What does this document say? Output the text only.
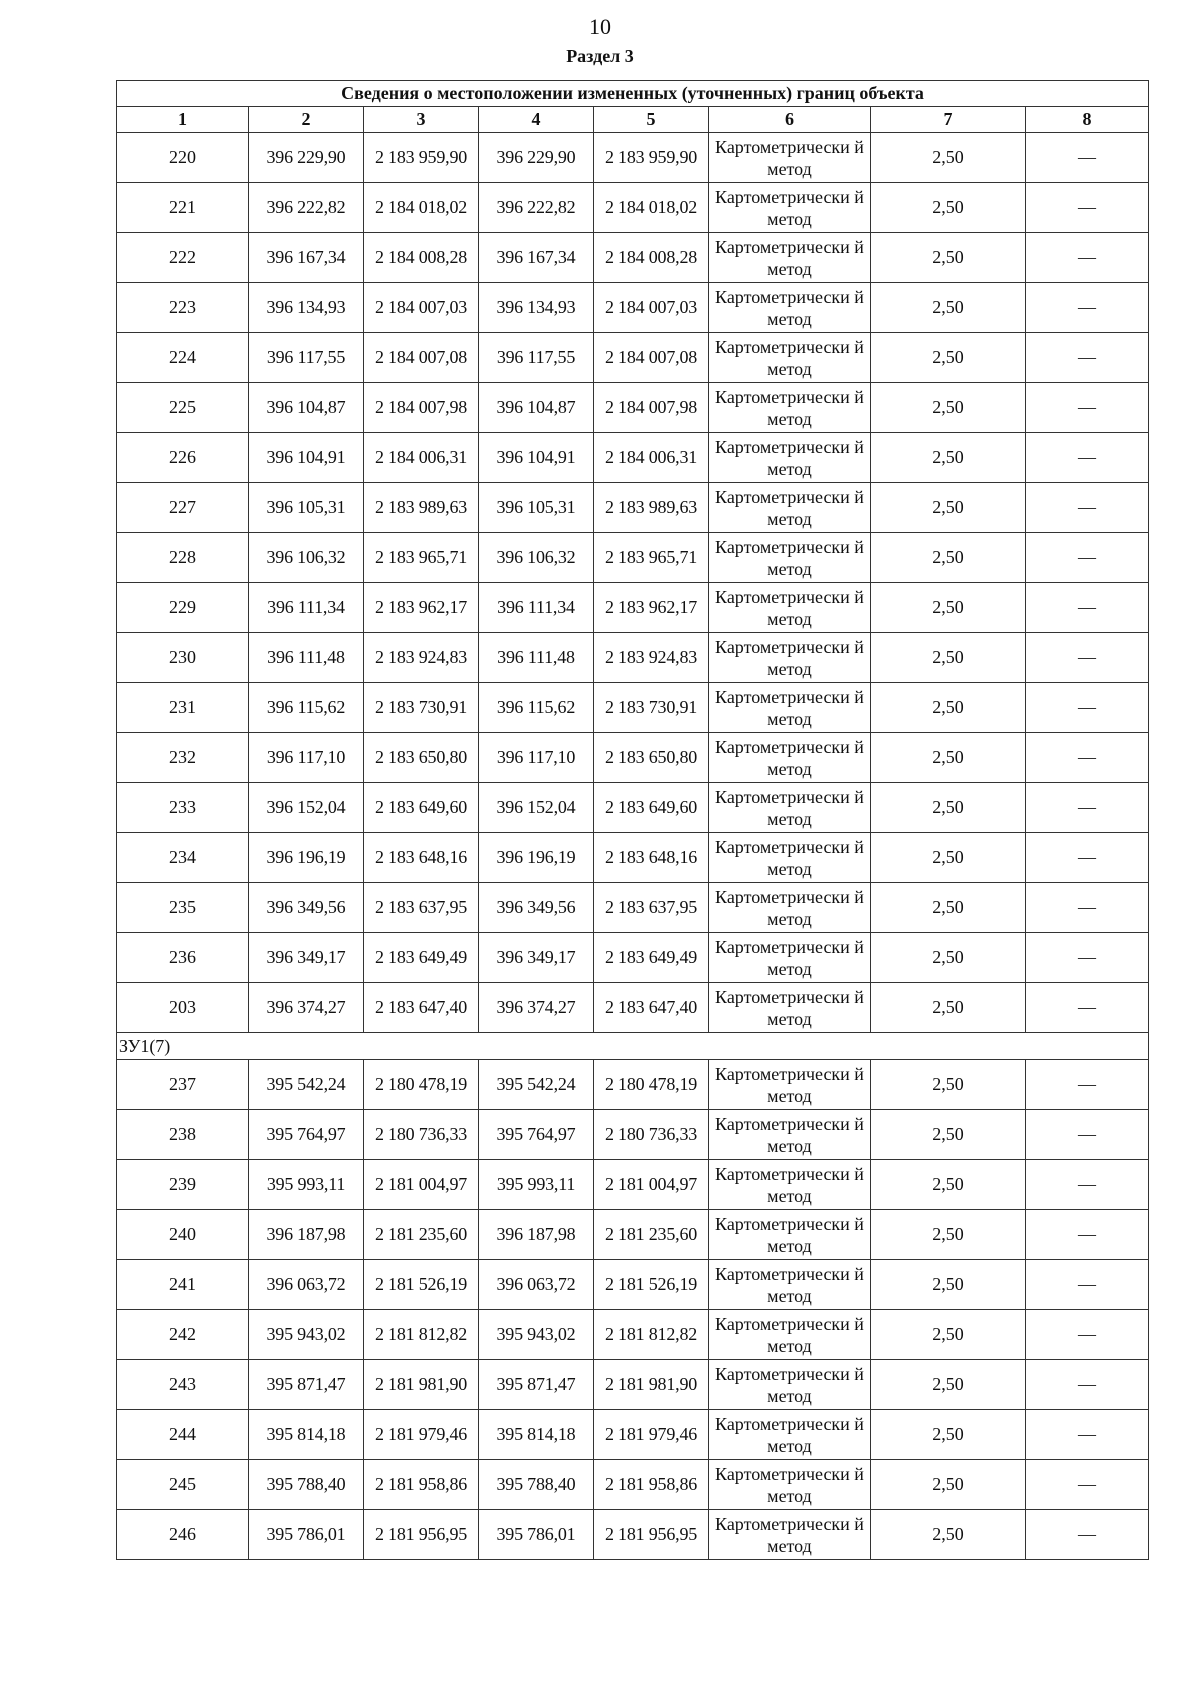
10
Раздел 3
Сведения о местоположении измененных (уточненных) границ объекта							
1	2	3	4	5	6	7	8
220	396 229,90	2 183 959,90	396 229,90	2 183 959,90	Картометрически й метод	2,50	—
221	396 222,82	2 184 018,02	396 222,82	2 184 018,02	Картометрически й метод	2,50	—
222	396 167,34	2 184 008,28	396 167,34	2 184 008,28	Картометрически й метод	2,50	—
223	396 134,93	2 184 007,03	396 134,93	2 184 007,03	Картометрически й метод	2,50	—
224	396 117,55	2 184 007,08	396 117,55	2 184 007,08	Картометрически й метод	2,50	—
225	396 104,87	2 184 007,98	396 104,87	2 184 007,98	Картометрически й метод	2,50	—
226	396 104,91	2 184 006,31	396 104,91	2 184 006,31	Картометрически й метод	2,50	—
227	396 105,31	2 183 989,63	396 105,31	2 183 989,63	Картометрически й метод	2,50	—
228	396 106,32	2 183 965,71	396 106,32	2 183 965,71	Картометрически й метод	2,50	—
229	396 111,34	2 183 962,17	396 111,34	2 183 962,17	Картометрически й метод	2,50	—
230	396 111,48	2 183 924,83	396 111,48	2 183 924,83	Картометрически й метод	2,50	—
231	396 115,62	2 183 730,91	396 115,62	2 183 730,91	Картометрически й метод	2,50	—
232	396 117,10	2 183 650,80	396 117,10	2 183 650,80	Картометрически й метод	2,50	—
233	396 152,04	2 183 649,60	396 152,04	2 183 649,60	Картометрически й метод	2,50	—
234	396 196,19	2 183 648,16	396 196,19	2 183 648,16	Картометрически й метод	2,50	—
235	396 349,56	2 183 637,95	396 349,56	2 183 637,95	Картометрически й метод	2,50	—
236	396 349,17	2 183 649,49	396 349,17	2 183 649,49	Картометрически й метод	2,50	—
203	396 374,27	2 183 647,40	396 374,27	2 183 647,40	Картометрически й метод	2,50	—
ЗУ1(7)							
237	395 542,24	2 180 478,19	395 542,24	2 180 478,19	Картометрически й метод	2,50	—
238	395 764,97	2 180 736,33	395 764,97	2 180 736,33	Картометрически й метод	2,50	—
239	395 993,11	2 181 004,97	395 993,11	2 181 004,97	Картометрически й метод	2,50	—
240	396 187,98	2 181 235,60	396 187,98	2 181 235,60	Картометрически й метод	2,50	—
241	396 063,72	2 181 526,19	396 063,72	2 181 526,19	Картометрически й метод	2,50	—
242	395 943,02	2 181 812,82	395 943,02	2 181 812,82	Картометрически й метод	2,50	—
243	395 871,47	2 181 981,90	395 871,47	2 181 981,90	Картометрически й метод	2,50	—
244	395 814,18	2 181 979,46	395 814,18	2 181 979,46	Картометрически й метод	2,50	—
245	395 788,40	2 181 958,86	395 788,40	2 181 958,86	Картометрически й метод	2,50	—
246	395 786,01	2 181 956,95	395 786,01	2 181 956,95	Картометрически й метод	2,50	—
